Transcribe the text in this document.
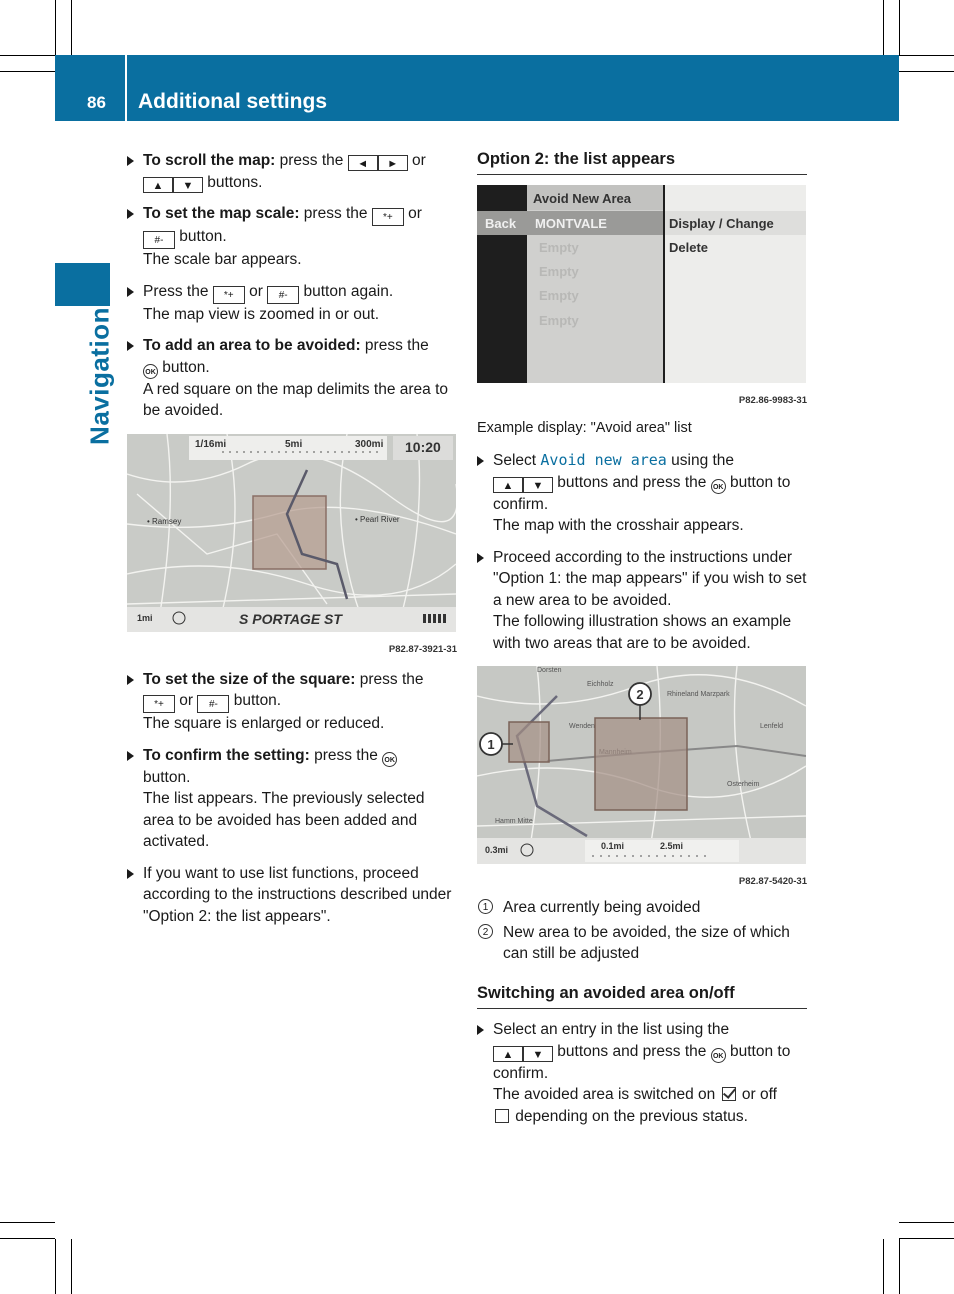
86 Additional settings
Navigation

To scroll the map: press the ◄ ► or
▲ ▼ buttons.

To set the map scale: press the *+ or
#- button.

The scale bar appears.

Press the *+ or #- button again.

The map view is zoomed in or out.

To add an area to be avoided: press the
OK button.

A red square on the map delimits the area to be avoided.

1/16mi	5mi	300mi 10:20
• Ramsey	• Pearl River
1mi	S PORTAGE ST
P82.87-3921-31

To set the size of the square: press the
*+ or #- button.

The square is enlarged or reduced.

To confirm the setting: press the OK
button.

The list appears. The previously selected area to be avoided has been added and activated.

If you want to use list functions, proceed according to the instructions described under "Option 2: the list appears".

Option 2: the list appears
Avoid New Area
Back MONTVALE
Empty
Empty
Empty
Empty
Display / Change
Delete
P82.86-9983-31
Example display: "Avoid area" list

Select Avoid new area using the
▲ ▼ buttons and press the OK button to confirm.

The map with the crosshair appears.

Proceed according to the instructions under "Option 1: the map appears" if you wish to set a new area to be avoided.

The following illustration shows an example with two areas that are to be avoided.

Dorsten
Eichholz
Rhineland Marzpark
Lenfeld
Wenden
Hamm Mitte
Osterheim
1
2
0.3mi	0.1mi	2.5mi
P82.87-5420-31
1 Area currently being avoided
2 New area to be avoided, the size of which can still be adjusted
Switching an avoided area on/off

Select an entry in the list using the
▲ ▼ buttons and press the OK button to confirm.

The avoided area is switched on  or off
depending on the previous status.
